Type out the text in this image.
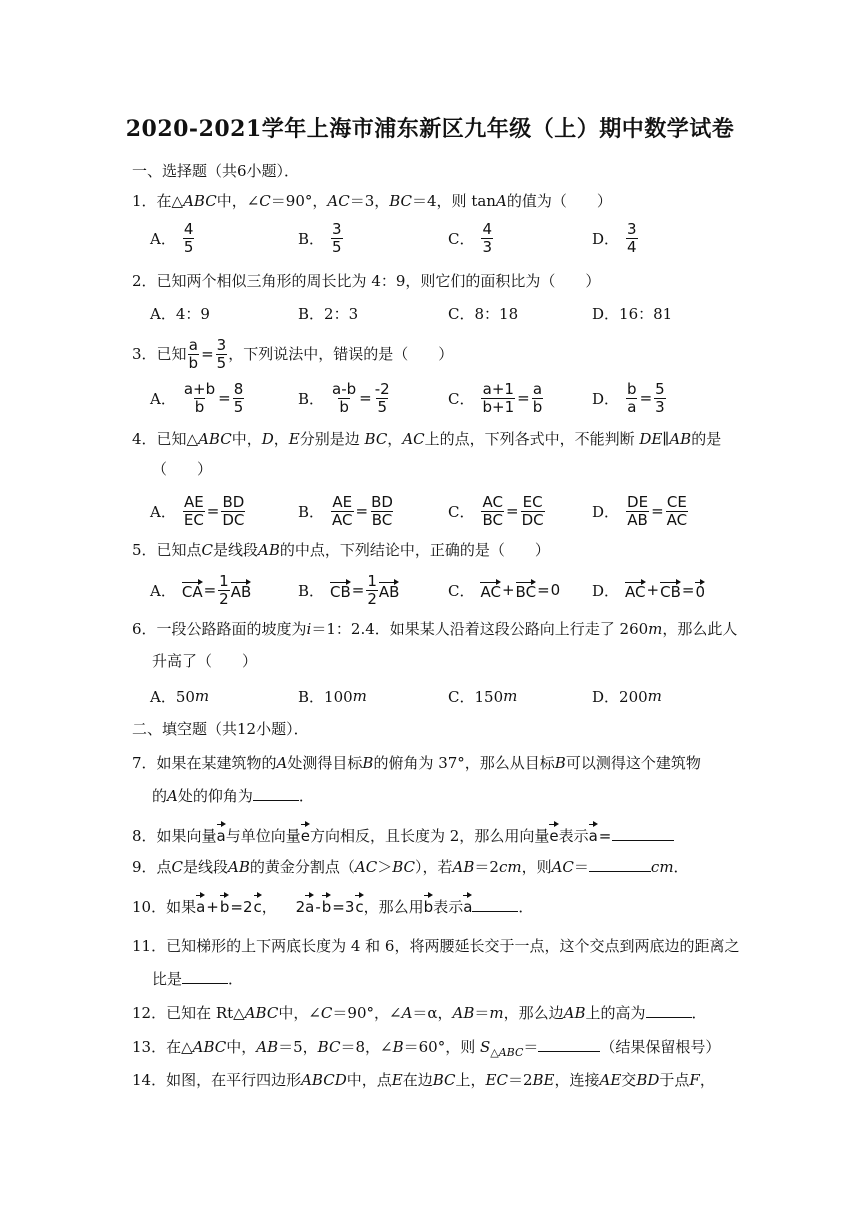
2020-2021学年上海市浦东新区九年级（上）期中数学试卷
一、选择题（共6小题）．
1．在△ABC中，∠C＝90°，AC＝3，BC＝4，则 tanA的值为（　　）
A． $\frac{4}{5}$	B． $\frac{3}{5}$	C． $\frac{4}{3}$	D． $\frac{3}{4}$
2．已知两个相似三角形的周长比为 4：9，则它们的面积比为（　　）
A．4：9	B．2：3	C．8：18	D．16：81
3．已知 $\frac{a}{b} = \frac{3}{5}$ ，下列说法中，错误的是（　　）
A． $\frac{a+b}{b} = \frac{8}{5}$	B． $\frac{a-b}{b} = \frac{-2}{5}$	C． $\frac{a+1}{b+1} = \frac{a}{b}$	D． $\frac{b}{a} = \frac{5}{3}$
4．已知△ABC中，D，E分别是边 BC，AC上的点，下列各式中，不能判断 DE∥AB的是
（　　）
A． $\frac{AE}{EC} = \frac{BD}{DC}$	B． $\frac{AE}{AC} = \frac{BD}{BC}$	C． $\frac{AC}{BC} = \frac{EC}{DC}$	D． $\frac{DE}{AB} = \frac{CE}{AC}$
5．已知点C是线段AB的中点，下列结论中，正确的是（　　）
A． CA = $\frac{1}{2}$ AB	B． CB = $\frac{1}{2}$ AB	C． AC + BC = 0 D． AC + CB = 0
6．一段公路路面的坡度为i＝1：2.4．如果某人沿着这段公路向上行走了 260m，那么此人
升高了（　　）
A．50 m	B．100 m	C．150 m	D．200 m
二、填空题（共12小题）．
7．如果在某建筑物的A处测得目标B的俯角为 37°，那么从目标B可以测得这个建筑物
的A处的仰角为	．
8．如果向量a与单位向量e方向相反，且长度为 2，那么用向量e表示a=
9．点C是线段AB的黄金分割点（AC＞BC），若AB＝2cm，则AC＝	cm．
10．如果a+b=2c， 2a-b=3c，那么用b表示a	．
11．已知梯形的上下两底长度为 4 和 6，将两腰延长交于一点，这个交点到两底边的距离之
比是	．
12．已知在 Rt△ABC中，∠C＝90°，∠A＝α，AB＝m，那么边AB上的高为	．
13．在△ABC中，AB＝5，BC＝8，∠B＝60°，则 $S_{\triangle ABC}=$	（结果保留根号）
14．如图，在平行四边形ABCD中，点E在边BC上，EC＝2BE，连接AE交BD于点F，
